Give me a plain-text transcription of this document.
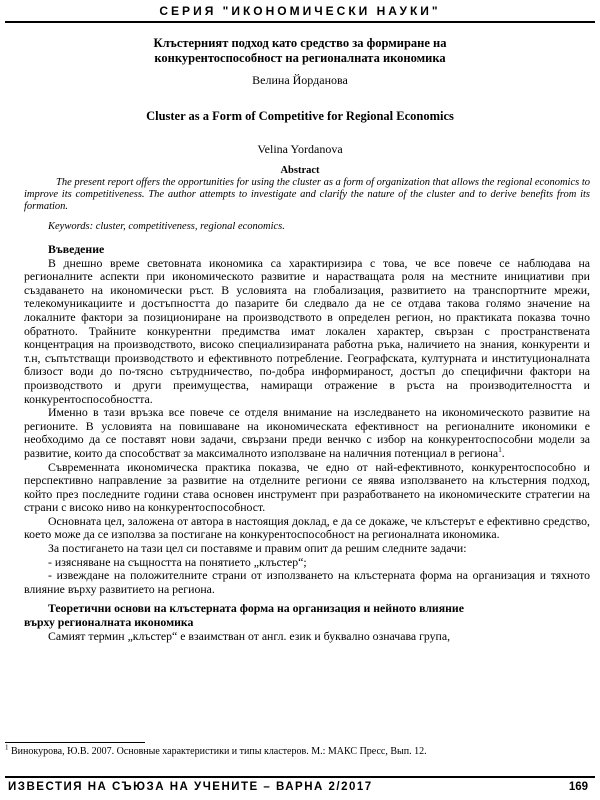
СЕРИЯ "ИКОНОМИЧЕСКИ НАУКИ"
Клъстерният подход като средство за формиране на
конкурентоспособност на регионалната икономика
Велина Йорданова
Cluster as a Form of Competitive for Regional Economics
Velina Yordanova
Abstract
The present report offers the opportunities for using the cluster as a form of organization that allows the regional economics to improve its competitiveness. The author attempts to investigate and clarify the nature of the cluster and to derive benefits from its formation.
Keywords: cluster, competitiveness, regional economics.

Въведение

В днешно време световната икономика са характиризира с това, че все повече се наблюдава на регионалните аспекти при икономическото развитие и нарастващата роля на местните инициативи при създаването на икономически ръст. В условията на глобализация, развитието на транспортните мрежи, телекомуникациите и достъпността до пазарите би следвало да не се отдава такова голямо значение на локалните фактори за позициониране на производството в определен регион, но практиката показва точно обратното. Трайните конкурентни предимства имат локален характер, свързан с пространствената концентрация на производството, високо специализираната работна ръка, наличието на знания, конкуренти и т.н, съпътстващи производството и ефективното потребление. Географската, културната и институционалната близост води до по-тясно сътрудничество, по-добра информираност, достъп до специфични фактори на производството и други преимущества, намиращи отражение в ръста на производителността и конкурентоспособността.

Именно в тази връзка все повече се отделя внимание на изследването на икономическото развитие на регионите. В условията на повишаване на икономическата ефективност на регионалните икономики е необходимо да се поставят нови задачи, свързани преди венчко с избор на конкурентоспособни модели за развитие, които да способстват за максималното използване на наличния потенциал в региона$^1$.

Съвременната икономическа практика показва, че едно от най-ефективното, конкурентоспособно и перспективно направление за развитие на отделните региони се явява използването на клъстерния подход, който през последните години става основен инструмент при разработването на икономическите стратегии на страни с високо ниво на конкурентоспособност.

Основната цел, заложена от автора в настоящия доклад, е да се докаже, че клъстерът е ефективно средство, което може да се използва за постигане на конкурентоспособност на регионалната икономика.

За постигането на тази цел си поставяме и правим опит да решим следните задачи:

- изясняване на същността на понятието „клъстер“;

- извеждане на положителните страни от използването на клъстерната форма на организация и тяхното влияние върху развитието на региона.

Теоретични основи на клъстерната форма на организация и нейното влияние
върху регионалната икономика

Самият термин „клъстер“ е взаимстван от англ. език и буквално означава група,

$^1$ Винокурова, Ю.В. 2007. Основные характеристики и типы кластеров. М.: МАКС Пресс, Вып. 12.
ИЗВЕСТИЯ НА СЪЮЗА НА УЧЕНИТЕ – ВАРНА 2/2017	169
